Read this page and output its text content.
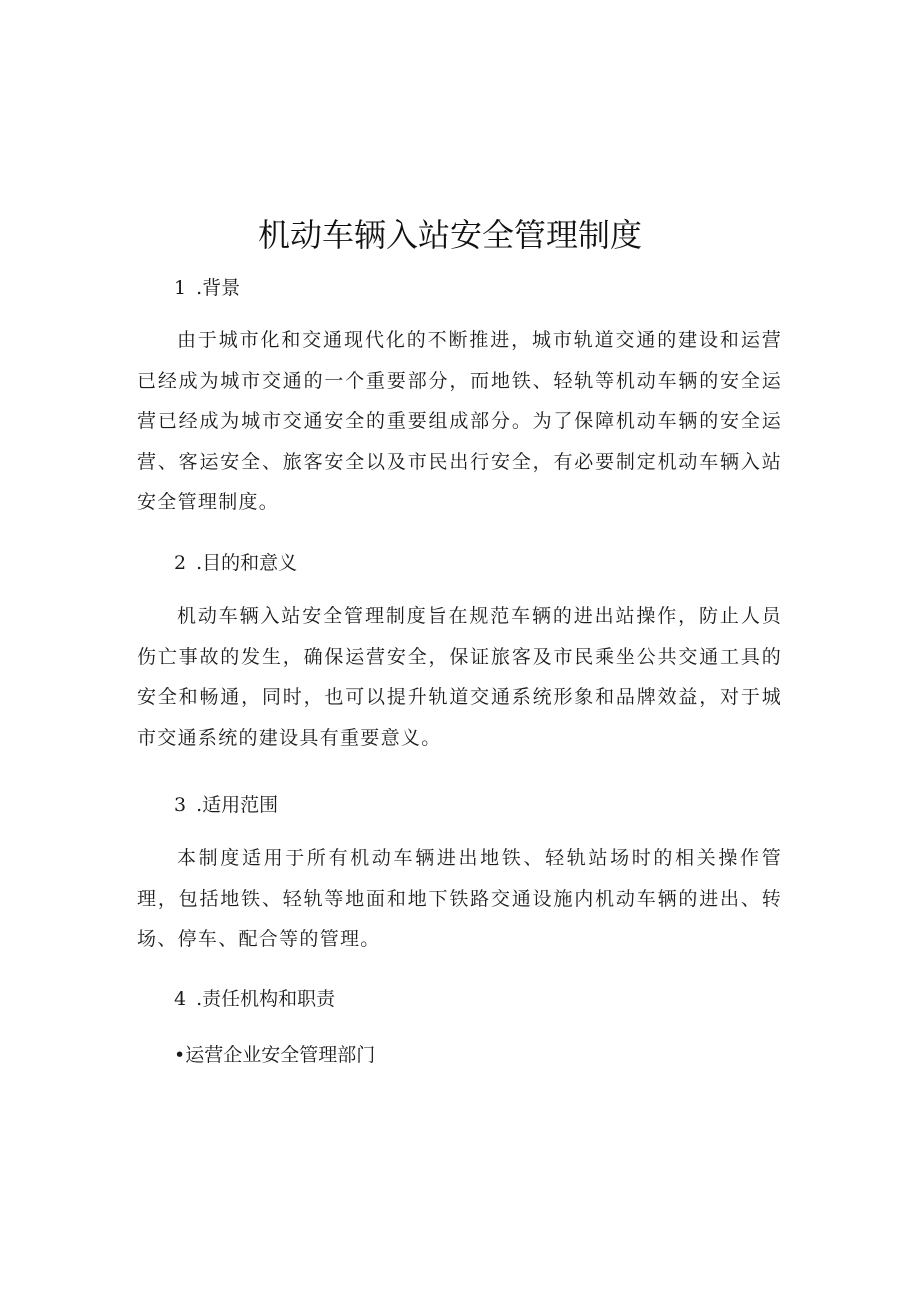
机动车辆入站安全管理制度
1 .背景

由于城市化和交通现代化的不断推进，城市轨道交通的建设和运营已经成为城市交通的一个重要部分，而地铁、轻轨等机动车辆的安全运营已经成为城市交通安全的重要组成部分。为了保障机动车辆的安全运营、客运安全、旅客安全以及市民出行安全，有必要制定机动车辆入站安全管理制度。

2 .目的和意义

机动车辆入站安全管理制度旨在规范车辆的进出站操作，防止人员伤亡事故的发生，确保运营安全，保证旅客及市民乘坐公共交通工具的安全和畅通，同时，也可以提升轨道交通系统形象和品牌效益，对于城市交通系统的建设具有重要意义。

3 .适用范围

本制度适用于所有机动车辆进出地铁、轻轨站场时的相关操作管理，包括地铁、轻轨等地面和地下铁路交通设施内机动车辆的进出、转场、停车、配合等的管理。

4 .责任机构和职责
•运营企业安全管理部门
